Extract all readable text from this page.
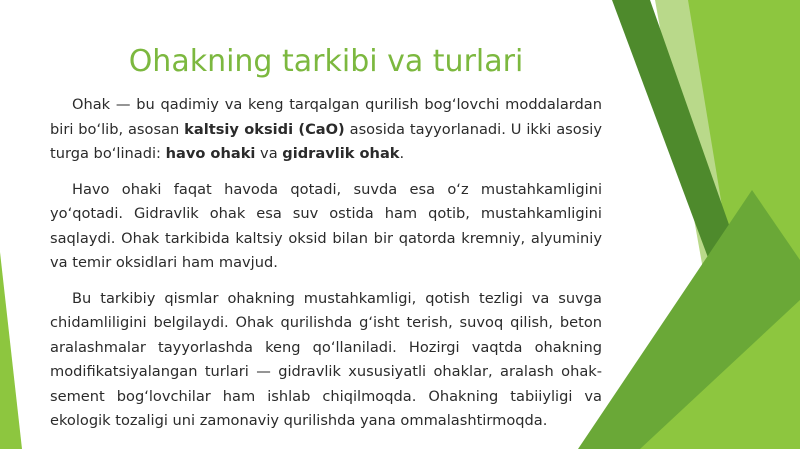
Ohakning tarkibi va turlari

Ohak — bu qadimiy va keng tarqalgan qurilish bog‘lovchi moddalardan biri bo‘lib, asosan kaltsiy oksidi (CaO) asosida tayyorlanadi. U ikki asosiy turga bo‘linadi: havo ohaki va gidravlik ohak.

Havo ohaki faqat havoda qotadi, suvda esa o‘z mustahkamligini yo‘qotadi. Gidravlik ohak esa suv ostida ham qotib, mustahkamligini saqlaydi. Ohak tarkibida kaltsiy oksid bilan bir qatorda kremniy, alyuminiy va temir oksidlari ham mavjud.

Bu tarkibiy qismlar ohakning mustahkamligi, qotish tezligi va suvga chidamliligini belgilaydi. Ohak qurilishda g‘isht terish, suvoq qilish, beton aralashmalar tayyorlashda keng qo‘llaniladi. Hozirgi vaqtda ohakning modifikatsiyalangan turlari — gidravlik xususiyatli ohaklar, aralash ohak-sement bog‘lovchilar ham ishlab chiqilmoqda. Ohakning tabiiyligi va ekologik tozaligi uni zamonaviy qurilishda yana ommalashtirmoqda.
